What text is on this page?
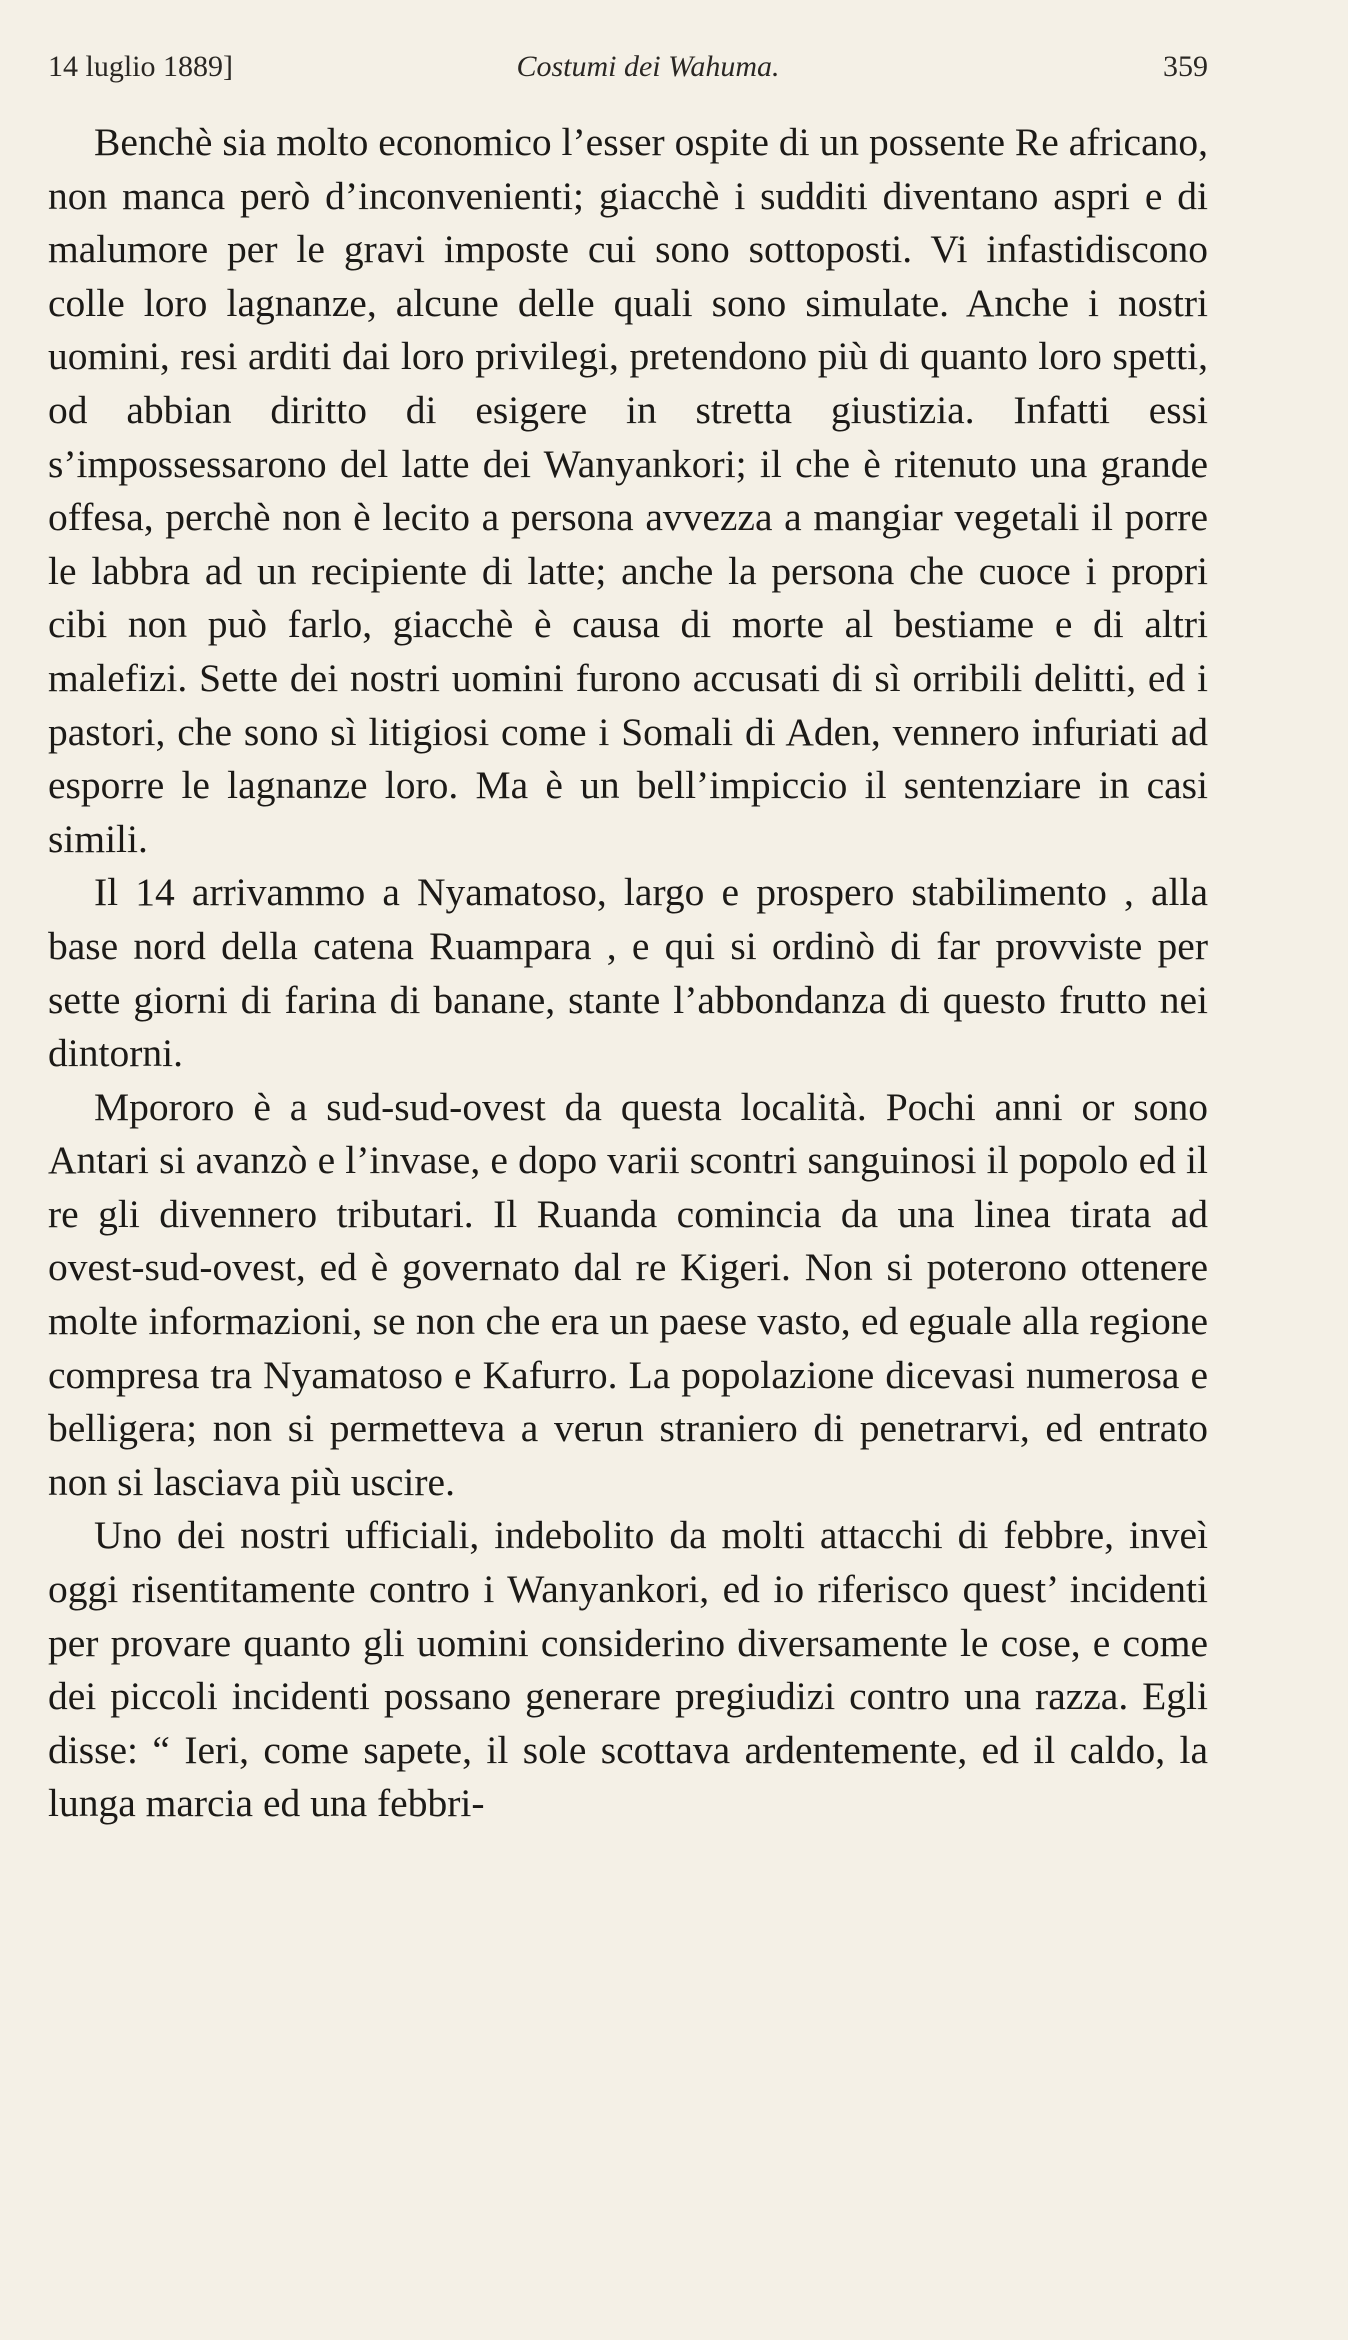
14 luglio 1889]	Costumi dei Wahuma.	359

Benchè sia molto economico l’esser ospite di un possente Re africano, non manca però d’inconvenienti; giacchè i sudditi diventano aspri e di malumore per le gravi imposte cui sono sottoposti. Vi infastidiscono colle loro lagnanze, alcune delle quali sono simulate. Anche i nostri uomini, resi arditi dai loro privilegi, pretendono più di quanto loro spetti, od abbian diritto di esigere in stretta giustizia. Infatti essi s’impossessarono del latte dei Wanyankori; il che è ritenuto una grande offesa, perchè non è lecito a persona avvezza a mangiar vegetali il porre le labbra ad un recipiente di latte; anche la persona che cuoce i propri cibi non può farlo, giacchè è causa di morte al bestiame e di altri malefizi. Sette dei nostri uomini furono accusati di sì orribili delitti, ed i pastori, che sono sì litigiosi come i Somali di Aden, vennero infuriati ad esporre le lagnanze loro. Ma è un bell’impiccio il sentenziare in casi simili.

Il 14 arrivammo a Nyamatoso, largo e prospero stabilimento , alla base nord della catena Ruampara , e qui si ordinò di far provviste per sette giorni di farina di banane, stante l’abbondanza di questo frutto nei dintorni.

Mpororo è a sud-sud-ovest da questa località. Pochi anni or sono Antari si avanzò e l’invase, e dopo varii scontri sanguinosi il popolo ed il re gli divennero tributari. Il Ruanda comincia da una linea tirata ad ovest-sud-ovest, ed è governato dal re Kigeri. Non si poterono ottenere molte informazioni, se non che era un paese vasto, ed eguale alla regione compresa tra Nyamatoso e Kafurro. La popolazione dicevasi numerosa e belligera; non si permetteva a verun straniero di penetrarvi, ed entrato non si lasciava più uscire.

Uno dei nostri ufficiali, indebolito da molti attacchi di febbre, inveì oggi risentitamente contro i Wanyankori, ed io riferisco quest’ incidenti per provare quanto gli uomini considerino diversamente le cose, e come dei piccoli incidenti possano generare pregiudizi contro una razza. Egli disse: “ Ieri, come sapete, il sole scottava ardentemente, ed il caldo, la lunga marcia ed una febbri-
